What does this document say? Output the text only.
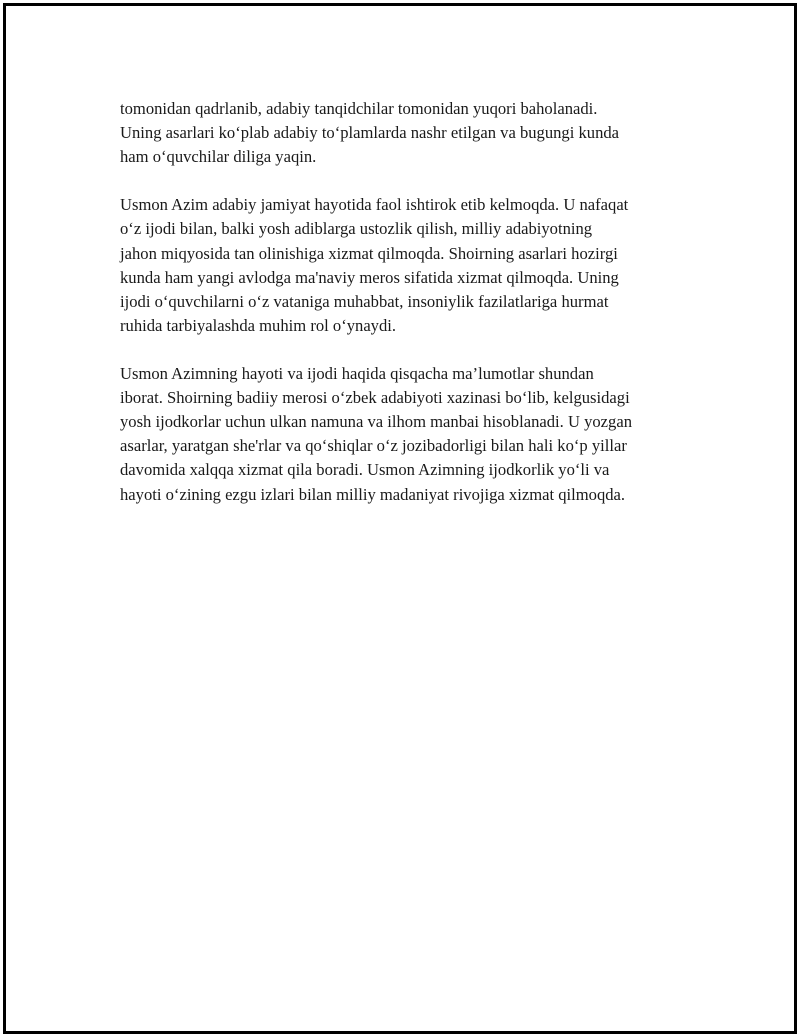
tomonidan qadrlanib, adabiy tanqidchilar tomonidan yuqori baholanadi.
Uning asarlari ko‘plab adabiy to‘plamlarda nashr etilgan va bugungi kunda
ham o‘quvchilar diliga yaqin.

Usmon Azim adabiy jamiyat hayotida faol ishtirok etib kelmoqda. U nafaqat
o‘z ijodi bilan, balki yosh adiblarga ustozlik qilish, milliy adabiyotning
jahon miqyosida tan olinishiga xizmat qilmoqda. Shoirning asarlari hozirgi
kunda ham yangi avlodga ma'naviy meros sifatida xizmat qilmoqda. Uning
ijodi o‘quvchilarni o‘z vataniga muhabbat, insoniylik fazilatlariga hurmat
ruhida tarbiyalashda muhim rol o‘ynaydi.

Usmon Azimning hayoti va ijodi haqida qisqacha ma’lumotlar shundan
iborat. Shoirning badiiy merosi o‘zbek adabiyoti xazinasi bo‘lib, kelgusidagi
yosh ijodkorlar uchun ulkan namuna va ilhom manbai hisoblanadi. U yozgan
asarlar, yaratgan she'rlar va qo‘shiqlar o‘z jozibadorligi bilan hali ko‘p yillar
davomida xalqqa xizmat qila boradi. Usmon Azimning ijodkorlik yo‘li va
hayoti o‘zining ezgu izlari bilan milliy madaniyat rivojiga xizmat qilmoqda.
